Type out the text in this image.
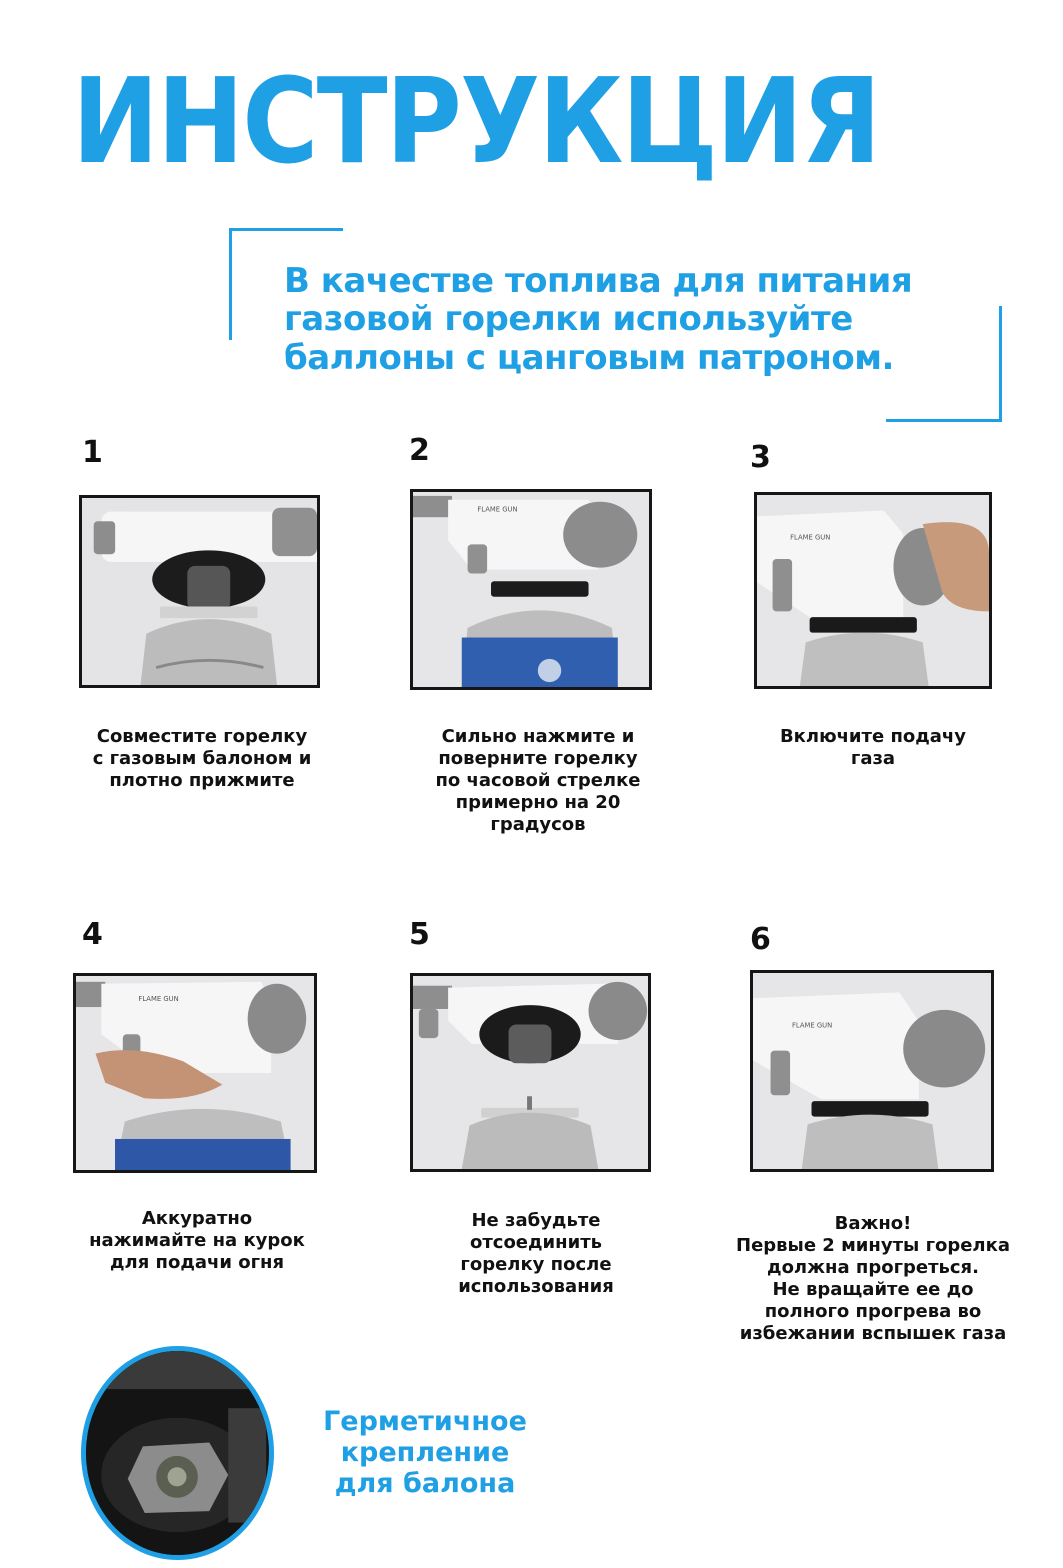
ИНСТРУКЦИЯ

В качестве топлива для питания
газовой горелки используйте
баллоны с цанговым патроном.

1

Совместите горелку
с газовым балоном и
плотно прижмите

2
FLAME GUN

Сильно нажмите и
поверните горелку
по часовой стрелке
примерно на 20
градусов

3
FLAME GUN

Включите подачу
газа

4
FLAME GUN

Аккуратно
нажимайте на курок
для подачи огня

5

Не забудьте
отсоединить
горелку после
использования

6
FLAME GUN

Важно!
Первые 2 минуты горелка
должна прогреться.
Не вращайте ее до
полного прогрева во
избежании вспышек газа

Герметичное
крепление
для балона
